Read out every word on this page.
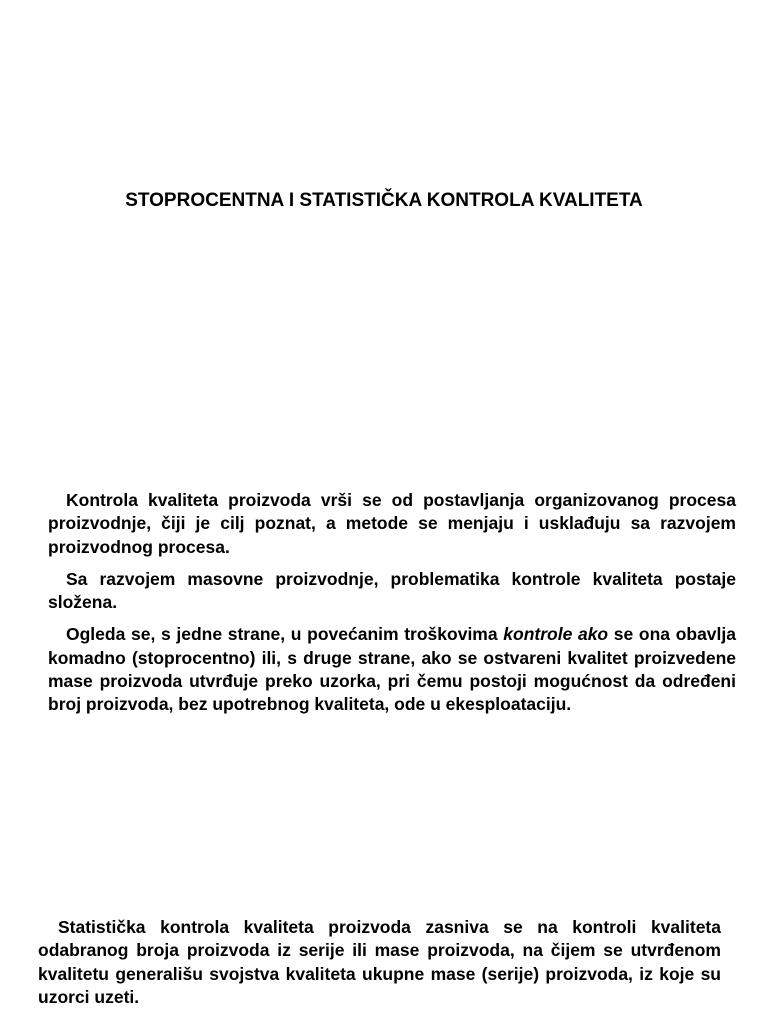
STOPROCENTNA I STATISTIČKA KONTROLA KVALITETA

Kontrola kvaliteta proizvoda vrši se od postavljanja organizovanog procesa proizvodnje, čiji je cilj poznat, a metode se menjaju i usklađuju sa razvojem proizvodnog procesa.

Sa razvojem masovne proizvodnje, problematika kontrole kvaliteta postaje složena.

Ogleda se, s jedne strane, u povećanim troškovima kontrole ako se ona obavlja komadno (stoprocentno) ili, s druge strane, ako se ostvareni kvalitet proizvedene mase proizvoda utvrđuje preko uzorka, pri čemu postoji mogućnost da određeni broj proizvoda, bez upotrebnog kvaliteta, ode u ekesploataciju.

Statistička kontrola kvaliteta proizvoda zasniva se na kontroli kvaliteta odabranog broja proizvoda iz serije ili mase proizvoda, na čijem se utvrđenom kvalitetu generališu svojstva kvaliteta ukupne mase (serije) proizvoda, iz koje su uzorci uzeti.
